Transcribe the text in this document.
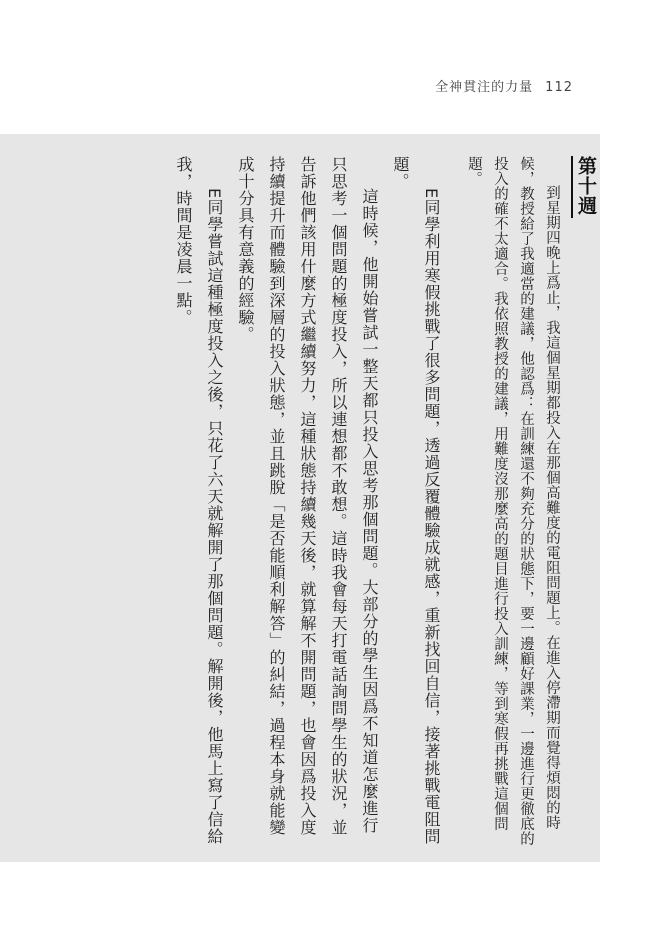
全神貫注的力量 112
第十週

到星期四晚上爲止，我這個星期都投入在那個高難度的電阻問題上。在進入停滯期而覺得煩悶的時候，教授給了我適當的建議，他認爲：在訓練還不夠充分的狀態下，要一邊顧好課業，一邊進行更徹底的投入的確不太適合。我依照教授的建議，用難度沒那麼高的題目進行投入訓練，等到寒假再挑戰這個問題。

E同學利用寒假挑戰了很多問題，透過反覆體驗成就感，重新找回自信，接著挑戰電阻問題。

這時候，他開始嘗試一整天都只投入思考那個問題。大部分的學生因爲不知道怎麼進行只思考一個問題的極度投入，所以連想都不敢想。這時我會每天打電話詢問學生的狀況，並告訴他們該用什麼方式繼續努力，這種狀態持續幾天後，就算解不開問題，也會因爲投入度持續提升而體驗到深層的投入狀態，並且跳脫「是否能順利解答」的糾結，過程本身就能變成十分具有意義的經驗。

E同學嘗試這種極度投入之後，只花了六天就解開了那個問題。解開後，他馬上寫了信給我，時間是凌晨一點。
